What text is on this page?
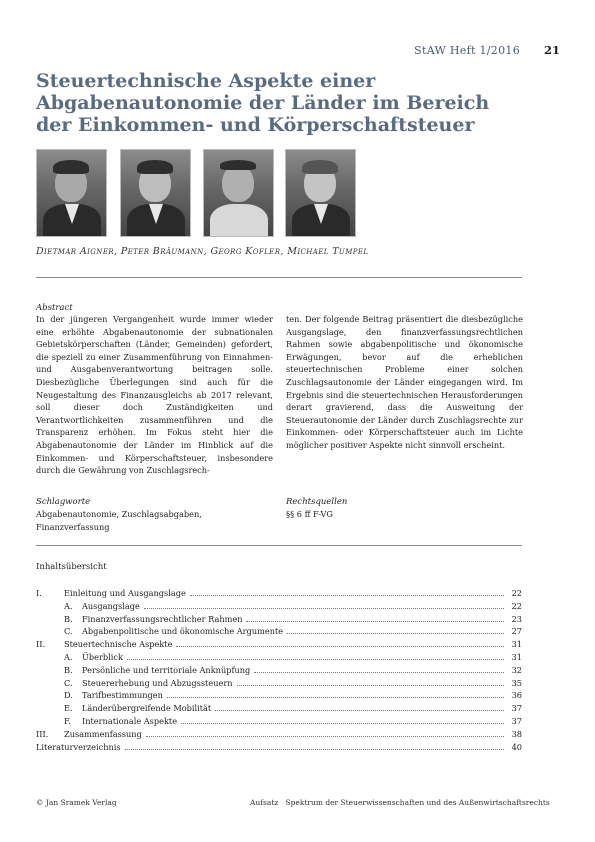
StAW Heft 1/2016 21
Steuertechnische Aspekte einer Abgabenautonomie der Länder im Bereich der Einkommen- und Körperschaftsteuer
Dietmar Aigner, Peter Bräumann, Georg Kofler, Michael Tumpel
Abstract
In der jüngeren Vergangenheit wurde immer wieder eine erhöhte Abgabenautonomie der subnationalen Gebietskörperschaften (Länder, Gemeinden) gefordert, die speziell zu einer Zusammenführung von Einnahmen- und Ausgabenverantwortung beitragen solle. Diesbezügliche Überlegungen sind auch für die Neugestaltung des Finanzausgleichs ab 2017 relevant, soll dieser doch Zuständigkeiten und Verantwortlichkeiten zusammenführen und die Transparenz erhöhen. Im Fokus steht hier die Abgabenautonomie der Länder im Hinblick auf die Einkommen- und Körperschaftsteuer, insbesondere durch die Gewährung von Zuschlagsrech-
ten. Der folgende Beitrag präsentiert die diesbezügliche Ausgangslage, den finanzverfassungsrechtlichen Rahmen sowie abgabenpolitische und ökonomische Erwägungen, bevor auf die erheblichen steuertechnischen Probleme einer solchen Zuschlagsautonomie der Länder eingegangen wird. Im Ergebnis sind die steuertechnischen Herausforderungen derart gravierend, dass die Ausweitung der Steuerautonomie der Länder durch Zuschlagsrechte zur Einkommen- oder Körperschaftsteuer auch im Lichte möglicher positiver Aspekte nicht sinnvoll erscheint.
Schlagworte
Abgabenautonomie, Zuschlagsabgaben, Finanzverfassung
Rechtsquellen
§§ 6 ff F-VG
Inhaltsübersicht
I.	Einleitung und Ausgangslage	22
A.	Ausgangslage	22
B.	Finanzverfassungsrechtlicher Rahmen	23
C.	Abgabenpolitische und ökonomische Argumente	27
II.	Steuertechnische Aspekte	31
A.	Überblick	31
B.	Persönliche und territoriale Anknüpfung	32
C.	Steuererhebung und Abzugssteuern	35
D.	Tarifbestimmungen	36
E.	Länderübergreifende Mobilität	37
F.	Internationale Aspekte	37
III.	Zusammenfassung	38
Literaturverzeichnis	40
© Jan Sramek Verlag	Aufsatz Spektrum der Steuerwissenschaften und des Außenwirtschaftsrechts
